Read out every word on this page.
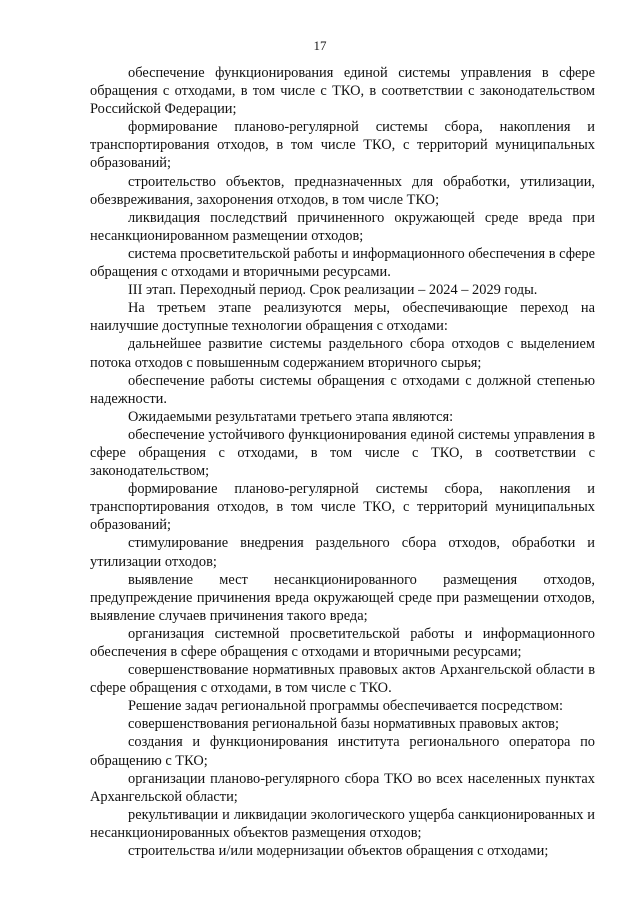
17

обеспечение функционирования единой системы управления в сфере обращения с отходами, в том числе с ТКО, в соответствии с законодательством Российской Федерации;

формирование планово-регулярной системы сбора, накопления и транспортирования отходов, в том числе ТКО, с территорий муниципальных образований;

строительство объектов, предназначенных для обработки, утилизации, обезвреживания, захоронения отходов, в том числе ТКО;

ликвидация последствий причиненного окружающей среде вреда при несанкционированном размещении отходов;

система просветительской работы и информационного обеспечения в сфере обращения с отходами и вторичными ресурсами.

III этап. Переходный период. Срок реализации – 2024 – 2029 годы.

На третьем этапе реализуются меры, обеспечивающие переход на наилучшие доступные технологии обращения с отходами:

дальнейшее развитие системы раздельного сбора отходов с выделением потока отходов с повышенным содержанием вторичного сырья;

обеспечение работы системы обращения с отходами с должной степенью надежности.

Ожидаемыми результатами третьего этапа являются:

обеспечение устойчивого функционирования единой системы управления в сфере обращения с отходами, в том числе с ТКО, в соответствии с законодательством;

формирование планово-регулярной системы сбора, накопления и транспортирования отходов, в том числе ТКО, с территорий муниципальных образований;

стимулирование внедрения раздельного сбора отходов, обработки и утилизации отходов;

выявление мест несанкционированного размещения отходов, предупреждение причинения вреда окружающей среде при размещении отходов, выявление случаев причинения такого вреда;

организация системной просветительской работы и информационного обеспечения в сфере обращения с отходами и вторичными ресурсами;

совершенствование нормативных правовых актов Архангельской области в сфере обращения с отходами, в том числе с ТКО.

Решение задач региональной программы обеспечивается посредством:

совершенствования региональной базы нормативных правовых актов;

создания и функционирования института регионального оператора по обращению с ТКО;

организации планово-регулярного сбора ТКО во всех населенных пунктах Архангельской области;

рекультивации и ликвидации экологического ущерба санкционированных и несанкционированных объектов размещения отходов;

строительства и/или модернизации объектов обращения с отходами;
